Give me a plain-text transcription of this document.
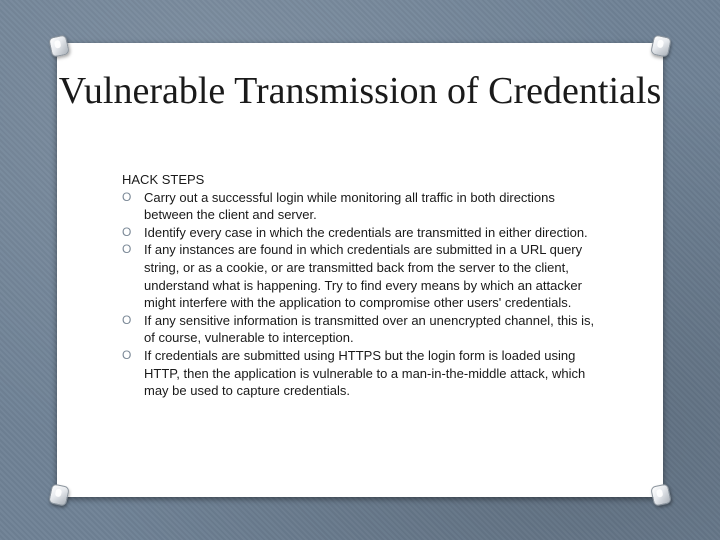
Vulnerable Transmission of Credentials

HACK STEPS

O Carry out a successful login while monitoring all traffic in both directions between the client and server.
O Identify every case in which the credentials are transmitted in either direction.
O If any instances are found in which credentials are submitted in a URL query string, or as a cookie, or are transmitted back from the server to the client, understand what is happening. Try to find every means by which an attacker might interfere with the application to compromise other users' credentials.
O If any sensitive information is transmitted over an unencrypted channel, this is, of course, vulnerable to interception.
O If credentials are submitted using HTTPS but the login form is loaded using HTTP, then the application is vulnerable to a man-in-the-middle attack, which may be used to capture credentials.
